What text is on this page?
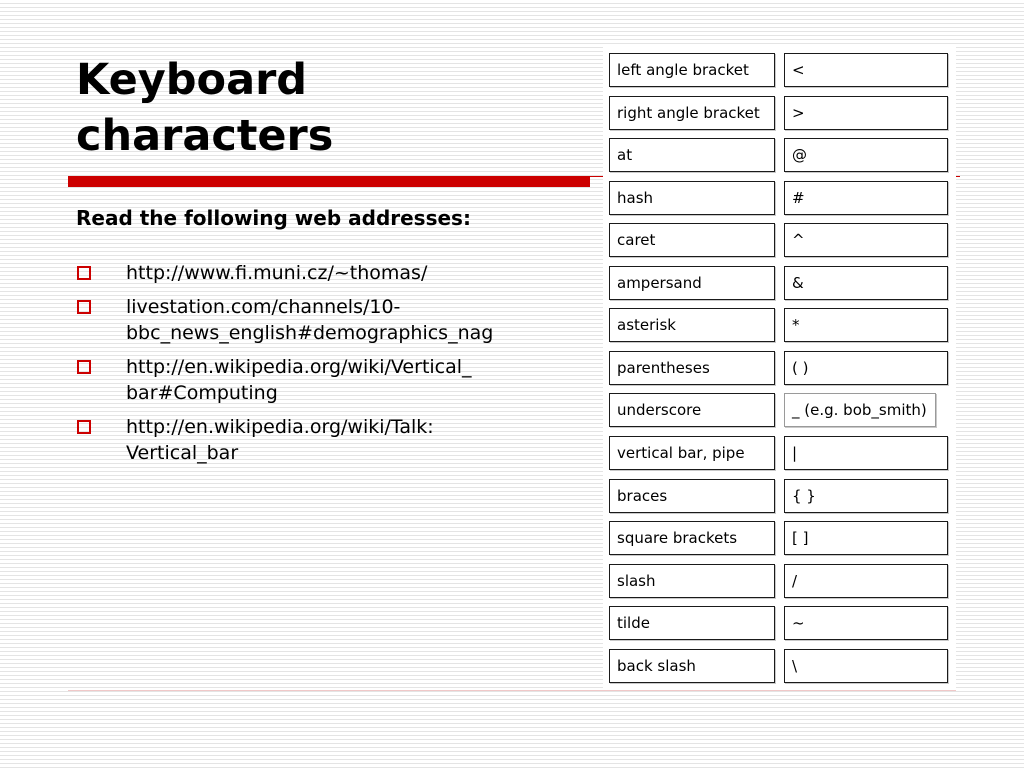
Keyboard
characters

Read the following web addresses:

http://www.fi.muni.cz/~thomas/
livestation.com/channels/10-
bbc_news_english#demographics_nag
http://en.wikipedia.org/wiki/Vertical_
bar#Computing
http://en.wikipedia.org/wiki/Talk:
Vertical_bar
left angle bracket	<
right angle bracket	>
at	@
hash	#
caret	^
ampersand	&
asterisk	*
parentheses	( )
underscore	_ (e.g. bob_smith)
vertical bar, pipe	|
braces	{ }
square brackets	[ ]
slash	/
tilde	~
back slash	\
